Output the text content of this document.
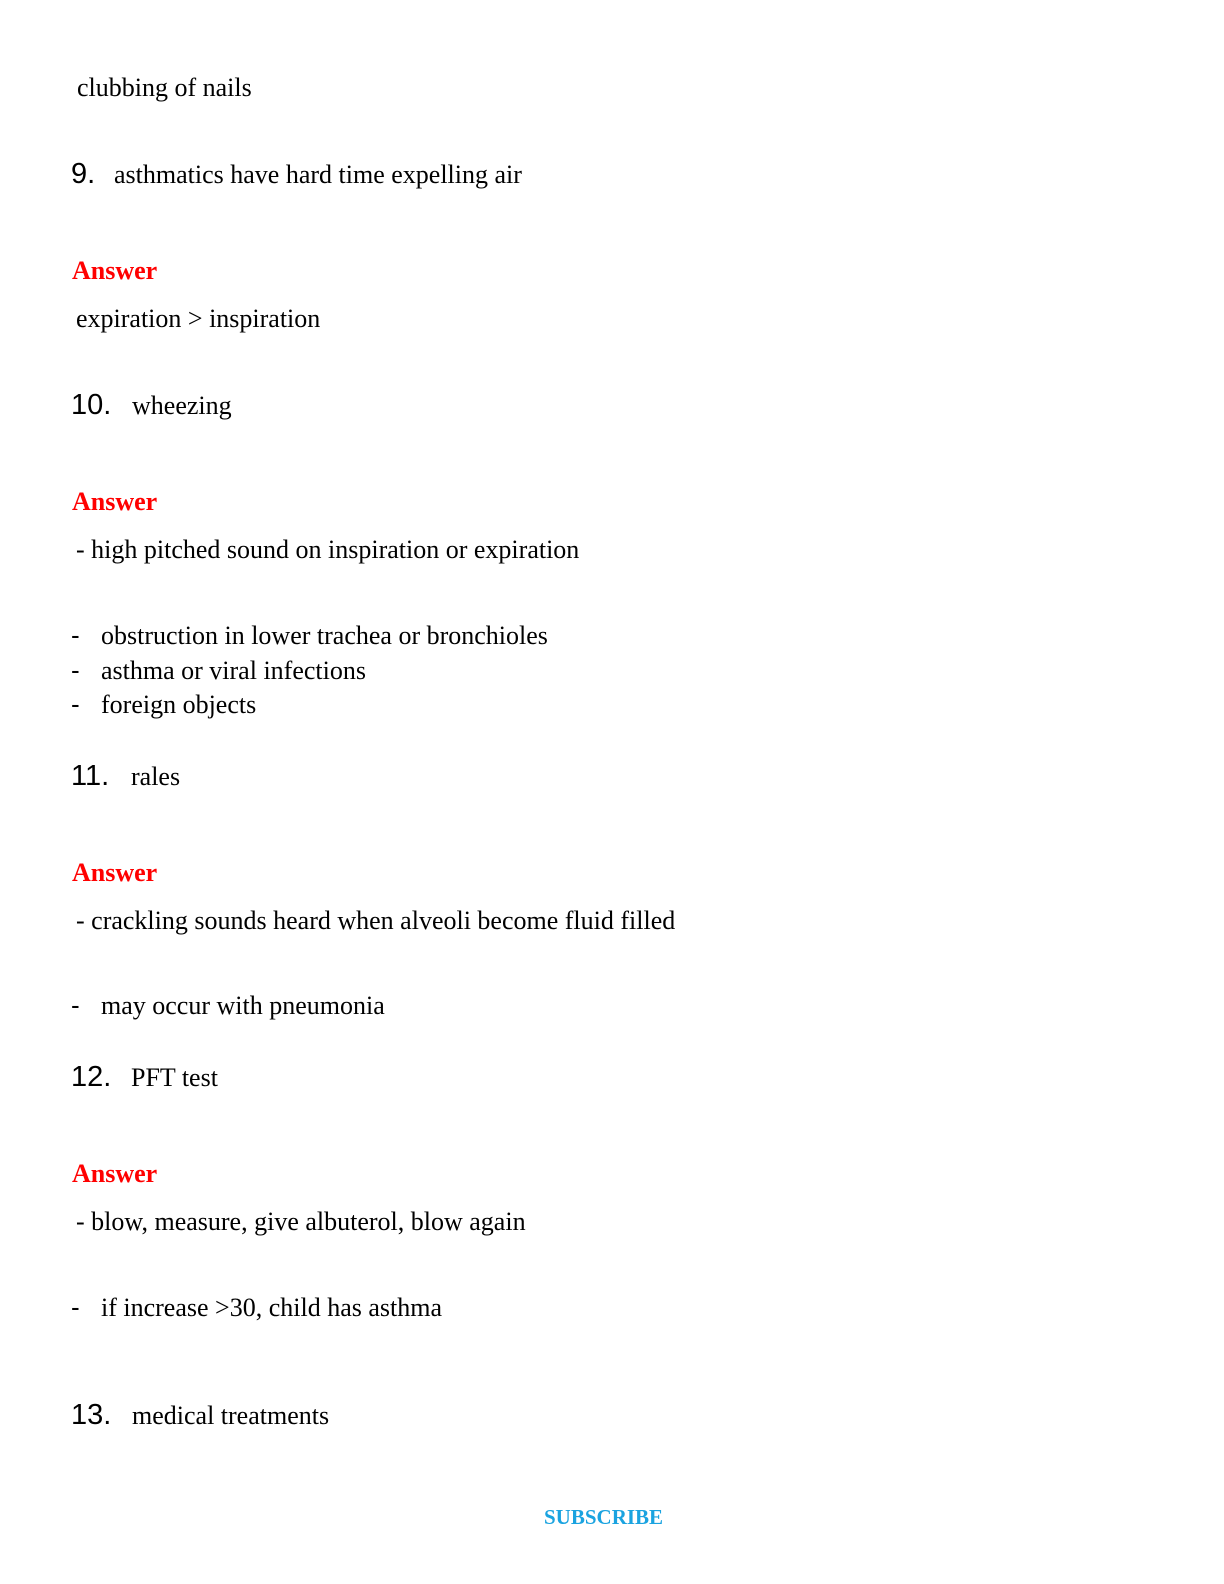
clubbing of nails
9. asthmatics have hard time expelling air
Answer
expiration > inspiration
10. wheezing
Answer
- high pitched sound on inspiration or expiration
- obstruction in lower trachea or bronchioles
- asthma or viral infections
- foreign objects
11. rales
Answer
- crackling sounds heard when alveoli become fluid filled
- may occur with pneumonia
12. PFT test
Answer
- blow, measure, give albuterol, blow again
- if increase >30, child has asthma
13. medical treatments
SUBSCRIBE
